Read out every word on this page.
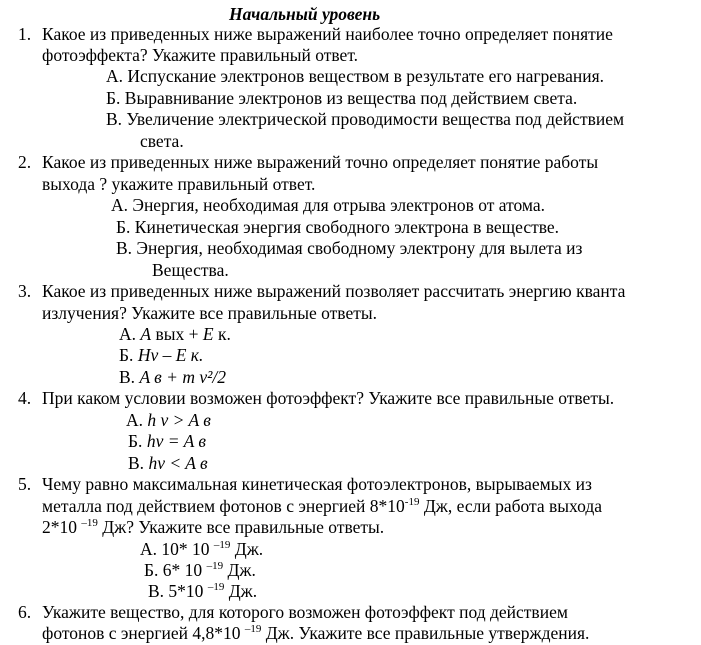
Начальный уровень
1. Какое из приведенных ниже выражений наиболее точно определяет понятие
фотоэффекта? Укажите правильный ответ.
А. Испускание электронов веществом в результате его нагревания.
Б. Выравнивание электронов из вещества под действием света.
В. Увеличение электрической проводимости вещества под действием
света.
2. Какое из приведенных ниже выражений точно определяет понятие работы
выхода ? укажите правильный ответ.
А. Энергия, необходимая для отрыва электронов от атома.
Б. Кинетическая энергия свободного электрона в веществе.
В. Энергия, необходимая свободному электрону для вылета из
Вещества.
3. Какое из приведенных ниже выражений позволяет рассчитать энергию кванта
излучения? Укажите все правильные ответы.
А. A вых + E к.
Б. Hv – E к.
В. A в + m v²/2
4. При каком условии возможен фотоэффект? Укажите все правильные ответы.
А. h v > A в
Б. hv = A в
В. hv < A в
5. Чему равно максимальная кинетическая фотоэлектронов, вырываемых из
металла под действием фотонов с энергией $8*10^{-19}$ Дж, если работа выхода
2*10 $^{-19}$ Дж? Укажите все правильные ответы.
А. 10* 10 $^{-19}$ Дж.
Б. 6* 10 $^{-19}$ Дж.
В. 5*10 $^{-19}$ Дж.
6. Укажите вещество, для которого возможен фотоэффект под действием
фотонов с энергией 4,8*10 $^{-19}$ Дж. Укажите все правильные утверждения.
